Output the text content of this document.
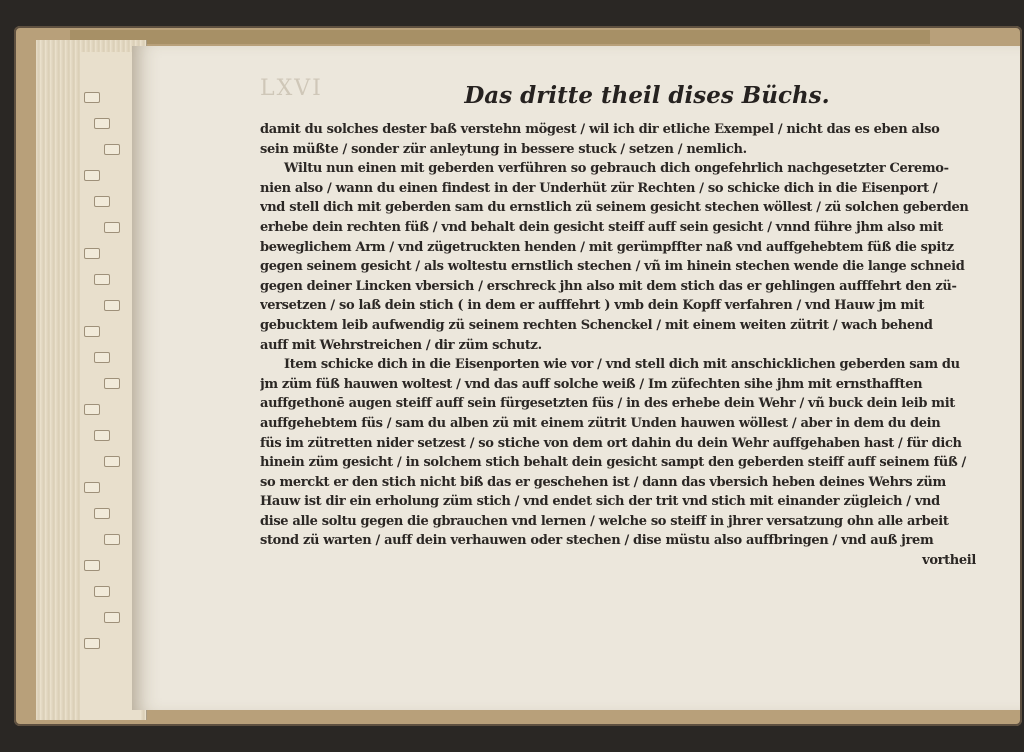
LXVI	Das dritte theil dises Büchs.
damit du solches dester baß verstehn mögest / wil ich dir etliche Exempel / nicht das es eben also
sein müßte / sonder zür anleytung in bessere stuck / setzen / nemlich.
Wiltu nun einen mit geberden verführen so gebrauch dich ongefehrlich nachgesetzter Ceremo-
nien also / wann du einen findest in der Underhüt zür Rechten / so schicke dich in die Eisenport /
vnd stell dich mit geberden sam du ernstlich zü seinem gesicht stechen wöllest / zü solchen geberden
erhebe dein rechten füß / vnd behalt dein gesicht steiff auff sein gesicht / vnnd führe jhm also mit
beweglichem Arm / vnd zügetruckten henden / mit gerümpffter naß vnd auffgehebtem füß die spitz
gegen seinem gesicht / als woltestu ernstlich stechen / vñ im hinein stechen wende die lange schneid
gegen deiner Lincken vbersich / erschreck jhn also mit dem stich das er gehlingen aufffehrt den zü-
versetzen / so laß dein stich ( in dem er aufffehrt ) vmb dein Kopff verfahren / vnd Hauw jm mit
gebucktem leib aufwendig zü seinem rechten Schenckel / mit einem weiten zütrit / wach behend
auff mit Wehrstreichen / dir züm schutz.
Item schicke dich in die Eisenporten wie vor / vnd stell dich mit anschicklichen geberden sam du
jm züm füß hauwen woltest / vnd das auff solche weiß / Im züfechten sihe jhm mit ernsthafften
auffgethonē augen steiff auff sein fürgesetzten füs / in des erhebe dein Wehr / vñ buck dein leib mit
auffgehebtem füs / sam du alben zü mit einem zütrit Unden hauwen wöllest / aber in dem du dein
füs im zütretten nider setzest / so stiche von dem ort dahin du dein Wehr auffgehaben hast / für dich
hinein züm gesicht / in solchem stich behalt dein gesicht sampt den geberden steiff auff seinem füß /
so merckt er den stich nicht biß das er geschehen ist / dann das vbersich heben deines Wehrs züm
Hauw ist dir ein erholung züm stich / vnd endet sich der trit vnd stich mit einander zügleich / vnd
dise alle soltu gegen die gbrauchen vnd lernen / welche so steiff in jhrer versatzung ohn alle arbeit
stond zü warten / auff dein verhauwen oder stechen / dise müstu also auffbringen / vnd auß jrem
vortheil
